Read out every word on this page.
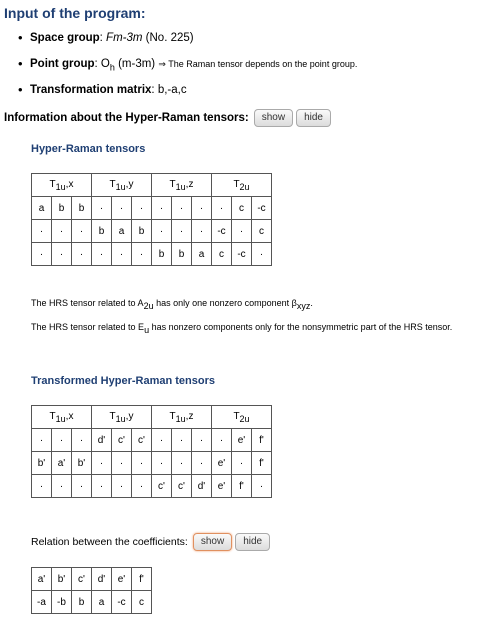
Input of the program:
• Space group: Fm-3m (No. 225)
• Point group: $O_h$ (m-3m) ⇒ The Raman tensor depends on the point group.
• Transformation matrix: b,-a,c
Information about the Hyper-Raman tensors:	show	hide
Hyper-Raman tensors
$T_{1u},x$			$T_{1u},y$			$T_{1u},z$			$T_{2u}$
a	b	b	·	·	·	·	·	·	·	c	-c
·	·	·	b	a	b	·	·	·	-c	·	c
·	·	·	·	·	·	b	b	a	c	-c	·
The HRS tensor related to $A_{2u}$ has only one nonzero component $\beta_{xyz}$.
The HRS tensor related to $E_u$ has nonzero components only for the nonsymmetric part of the HRS tensor.
Transformed Hyper-Raman tensors
$T_{1u},x$			$T_{1u},y$			$T_{1u},z$			$T_{2u}$
·	·	·	d'	c'	c'	·	·	·	·	e'	f'
b'	a'	b'	·	·	·	·	·	·	e'	·	f'
·	·	·	·	·	·	c'	c'	d'	e'	f'	·
Relation between the coefficients:	show	hide
a'	b'	c'	d'	e'	f'
-a	-b	b	a	-c	c
